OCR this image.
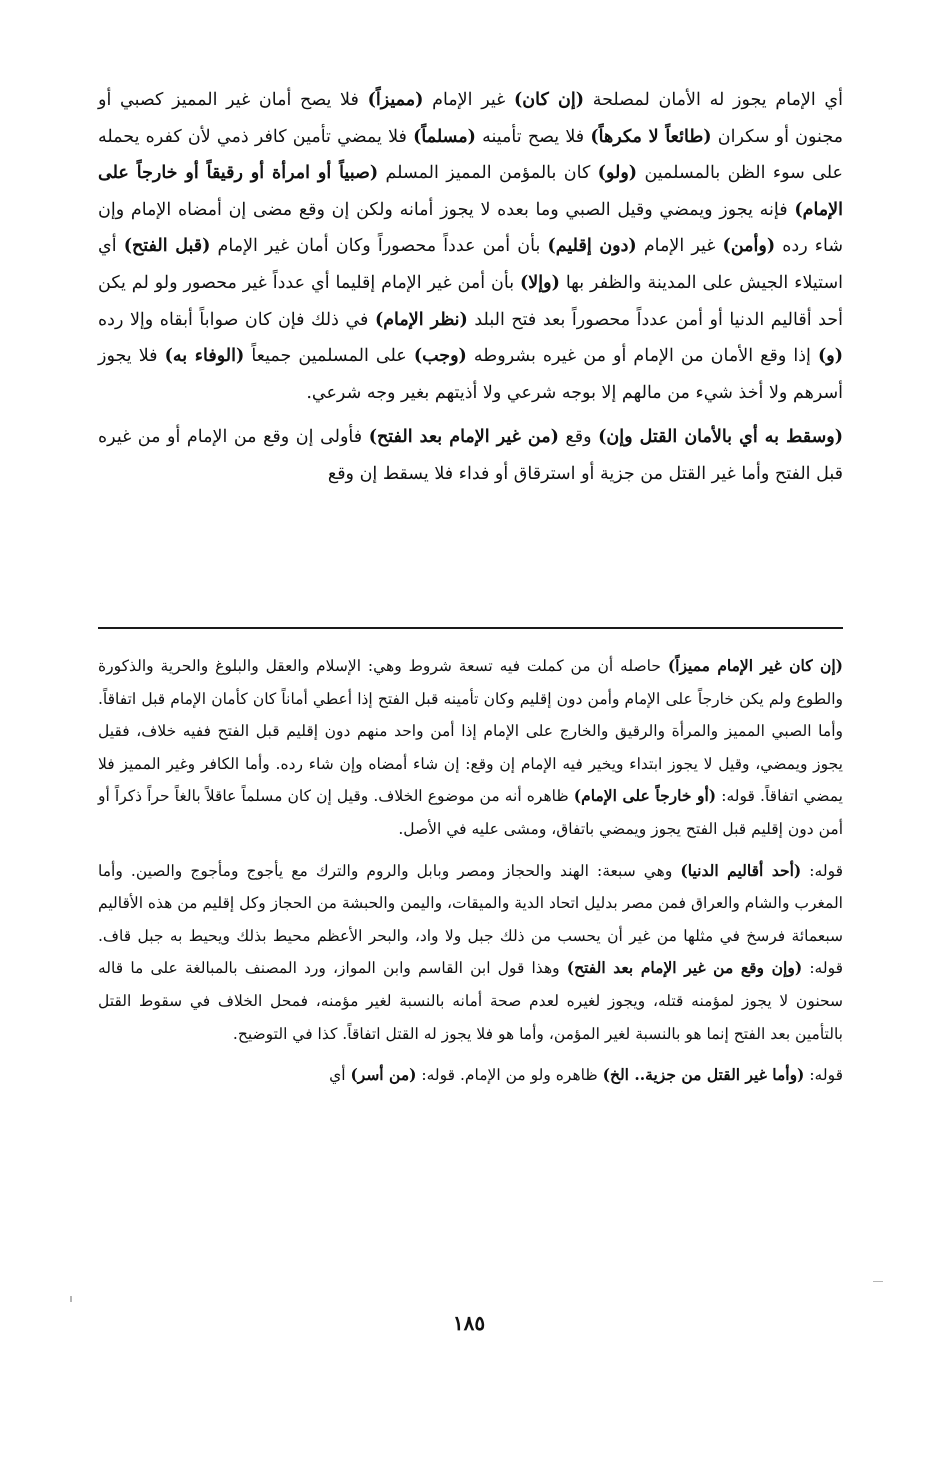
أي الإمام يجوز له الأمان لمصلحة (إن كان) غير الإمام (مميزاً) فلا يصح أمان غير المميز كصبي أو مجنون أو سكران (طائعاً لا مكرهاً) فلا يصح تأمينه (مسلماً) فلا يمضي تأمين كافر ذمي لأن كفره يحمله على سوء الظن بالمسلمين (ولو) كان بالمؤمن المميز المسلم (صبياً أو امرأة أو رقيقاً أو خارجاً على الإمام) فإنه يجوز ويمضي وقيل الصبي وما بعده لا يجوز أمانه ولكن إن وقع مضى إن أمضاه الإمام وإن شاء رده (وأمن) غير الإمام (دون إقليم) بأن أمن عدداً محصوراً وكان أمان غير الإمام (قبل الفتح) أي استيلاء الجيش على المدينة والظفر بها (وإلا) بأن أمن غير الإمام إقليما أي عدداً غير محصور ولو لم يكن أحد أقاليم الدنيا أو أمن عدداً محصوراً بعد فتح البلد (نظر الإمام) في ذلك فإن كان صواباً أبقاه وإلا رده (و) إذا وقع الأمان من الإمام أو من غيره بشروطه (وجب) على المسلمين جميعاً (الوفاء به) فلا يجوز أسرهم ولا أخذ شيء من مالهم إلا بوجه شرعي ولا أذيتهم بغير وجه شرعي.

(وسقط به أي بالأمان القتل وإن) وقع (من غير الإمام بعد الفتح) فأولى إن وقع من الإمام أو من غيره قبل الفتح وأما غير القتل من جزية أو استرقاق أو فداء فلا يسقط إن وقع

(إن كان غير الإمام مميزاً) حاصله أن من كملت فيه تسعة شروط وهي: الإسلام والعقل والبلوغ والحرية والذكورة والطوع ولم يكن خارجاً على الإمام وأمن دون إقليم وكان تأمينه قبل الفتح إذا أعطي أماناً كان كأمان الإمام قبل اتفاقاً. وأما الصبي المميز والمرأة والرقيق والخارج على الإمام إذا أمن واحد منهم دون إقليم قبل الفتح ففيه خلاف، فقيل يجوز ويمضي، وقيل لا يجوز ابتداء ويخير فيه الإمام إن وقع: إن شاء أمضاه وإن شاء رده. وأما الكافر وغير المميز فلا يمضي اتفاقاً. قوله: (أو خارجاً على الإمام) ظاهره أنه من موضوع الخلاف. وقيل إن كان مسلماً عاقلاً بالغاً حراً ذكراً أو أمن دون إقليم قبل الفتح يجوز ويمضي باتفاق، ومشى عليه في الأصل.

قوله: (أحد أقاليم الدنيا) وهي سبعة: الهند والحجاز ومصر وبابل والروم والترك مع يأجوج ومأجوج والصين. وأما المغرب والشام والعراق فمن مصر بدليل اتحاد الدية والميقات، واليمن والحبشة من الحجاز وكل إقليم من هذه الأقاليم سبعمائة فرسخ في مثلها من غير أن يحسب من ذلك جبل ولا واد، والبحر الأعظم محيط بذلك ويحيط به جبل قاف. قوله: (وإن وقع من غير الإمام بعد الفتح) وهذا قول ابن القاسم وابن المواز، ورد المصنف بالمبالغة على ما قاله سحنون لا يجوز لمؤمنه قتله، ويجوز لغيره لعدم صحة أمانه بالنسبة لغير مؤمنه، فمحل الخلاف في سقوط القتل بالتأمين بعد الفتح إنما هو بالنسبة لغير المؤمن، وأما هو فلا يجوز له القتل اتفاقاً. كذا في التوضيح.

قوله: (وأما غير القتل من جزية.. الخ) ظاهره ولو من الإمام. قوله: (من أسر) أي

١٨٥
